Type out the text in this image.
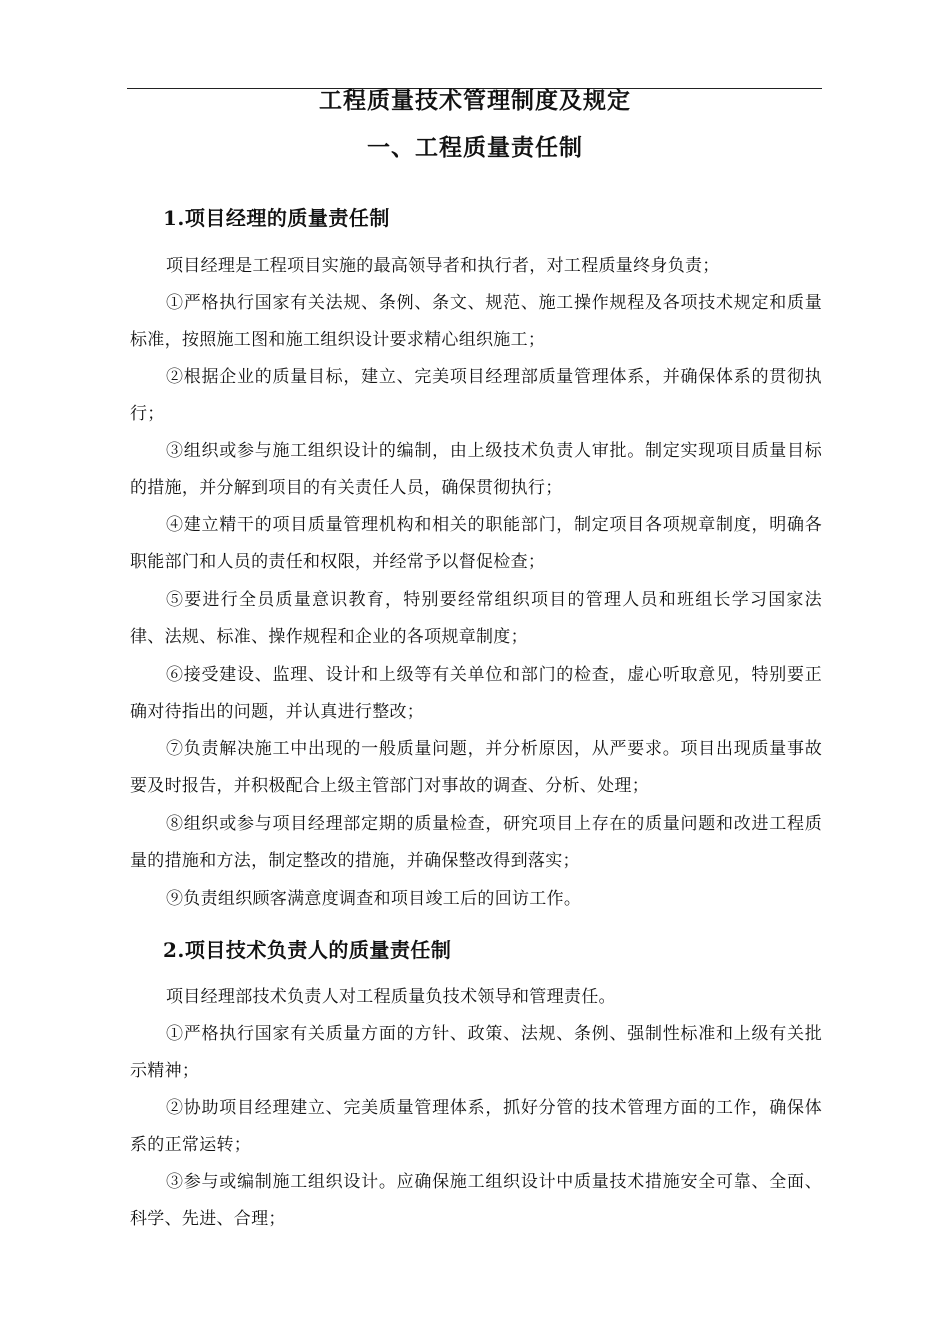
工程质量技术管理制度及规定
一、工程质量责任制
1.项目经理的质量责任制

项目经理是工程项目实施的最高领导者和执行者，对工程质量终身负责；

①严格执行国家有关法规、条例、条文、规范、施工操作规程及各项技术规定和质量标准，按照施工图和施工组织设计要求精心组织施工；

②根据企业的质量目标，建立、完美项目经理部质量管理体系，并确保体系的贯彻执行；

③组织或参与施工组织设计的编制，由上级技术负责人审批。制定实现项目质量目标的措施，并分解到项目的有关责任人员，确保贯彻执行；

④建立精干的项目质量管理机构和相关的职能部门，制定项目各项规章制度，明确各职能部门和人员的责任和权限，并经常予以督促检查；

⑤要进行全员质量意识教育，特别要经常组织项目的管理人员和班组长学习国家法律、法规、标准、操作规程和企业的各项规章制度；

⑥接受建设、监理、设计和上级等有关单位和部门的检查，虚心听取意见，特别要正确对待指出的问题，并认真进行整改；

⑦负责解决施工中出现的一般质量问题，并分析原因，从严要求。项目出现质量事故要及时报告，并积极配合上级主管部门对事故的调查、分析、处理；

⑧组织或参与项目经理部定期的质量检查，研究项目上存在的质量问题和改进工程质量的措施和方法，制定整改的措施，并确保整改得到落实；

⑨负责组织顾客满意度调查和项目竣工后的回访工作。

2.项目技术负责人的质量责任制

项目经理部技术负责人对工程质量负技术领导和管理责任。

①严格执行国家有关质量方面的方针、政策、法规、条例、强制性标准和上级有关批示精神；

②协助项目经理建立、完美质量管理体系，抓好分管的技术管理方面的工作，确保体系的正常运转；

③参与或编制施工组织设计。应确保施工组织设计中质量技术措施安全可靠、全面、科学、先进、合理；
